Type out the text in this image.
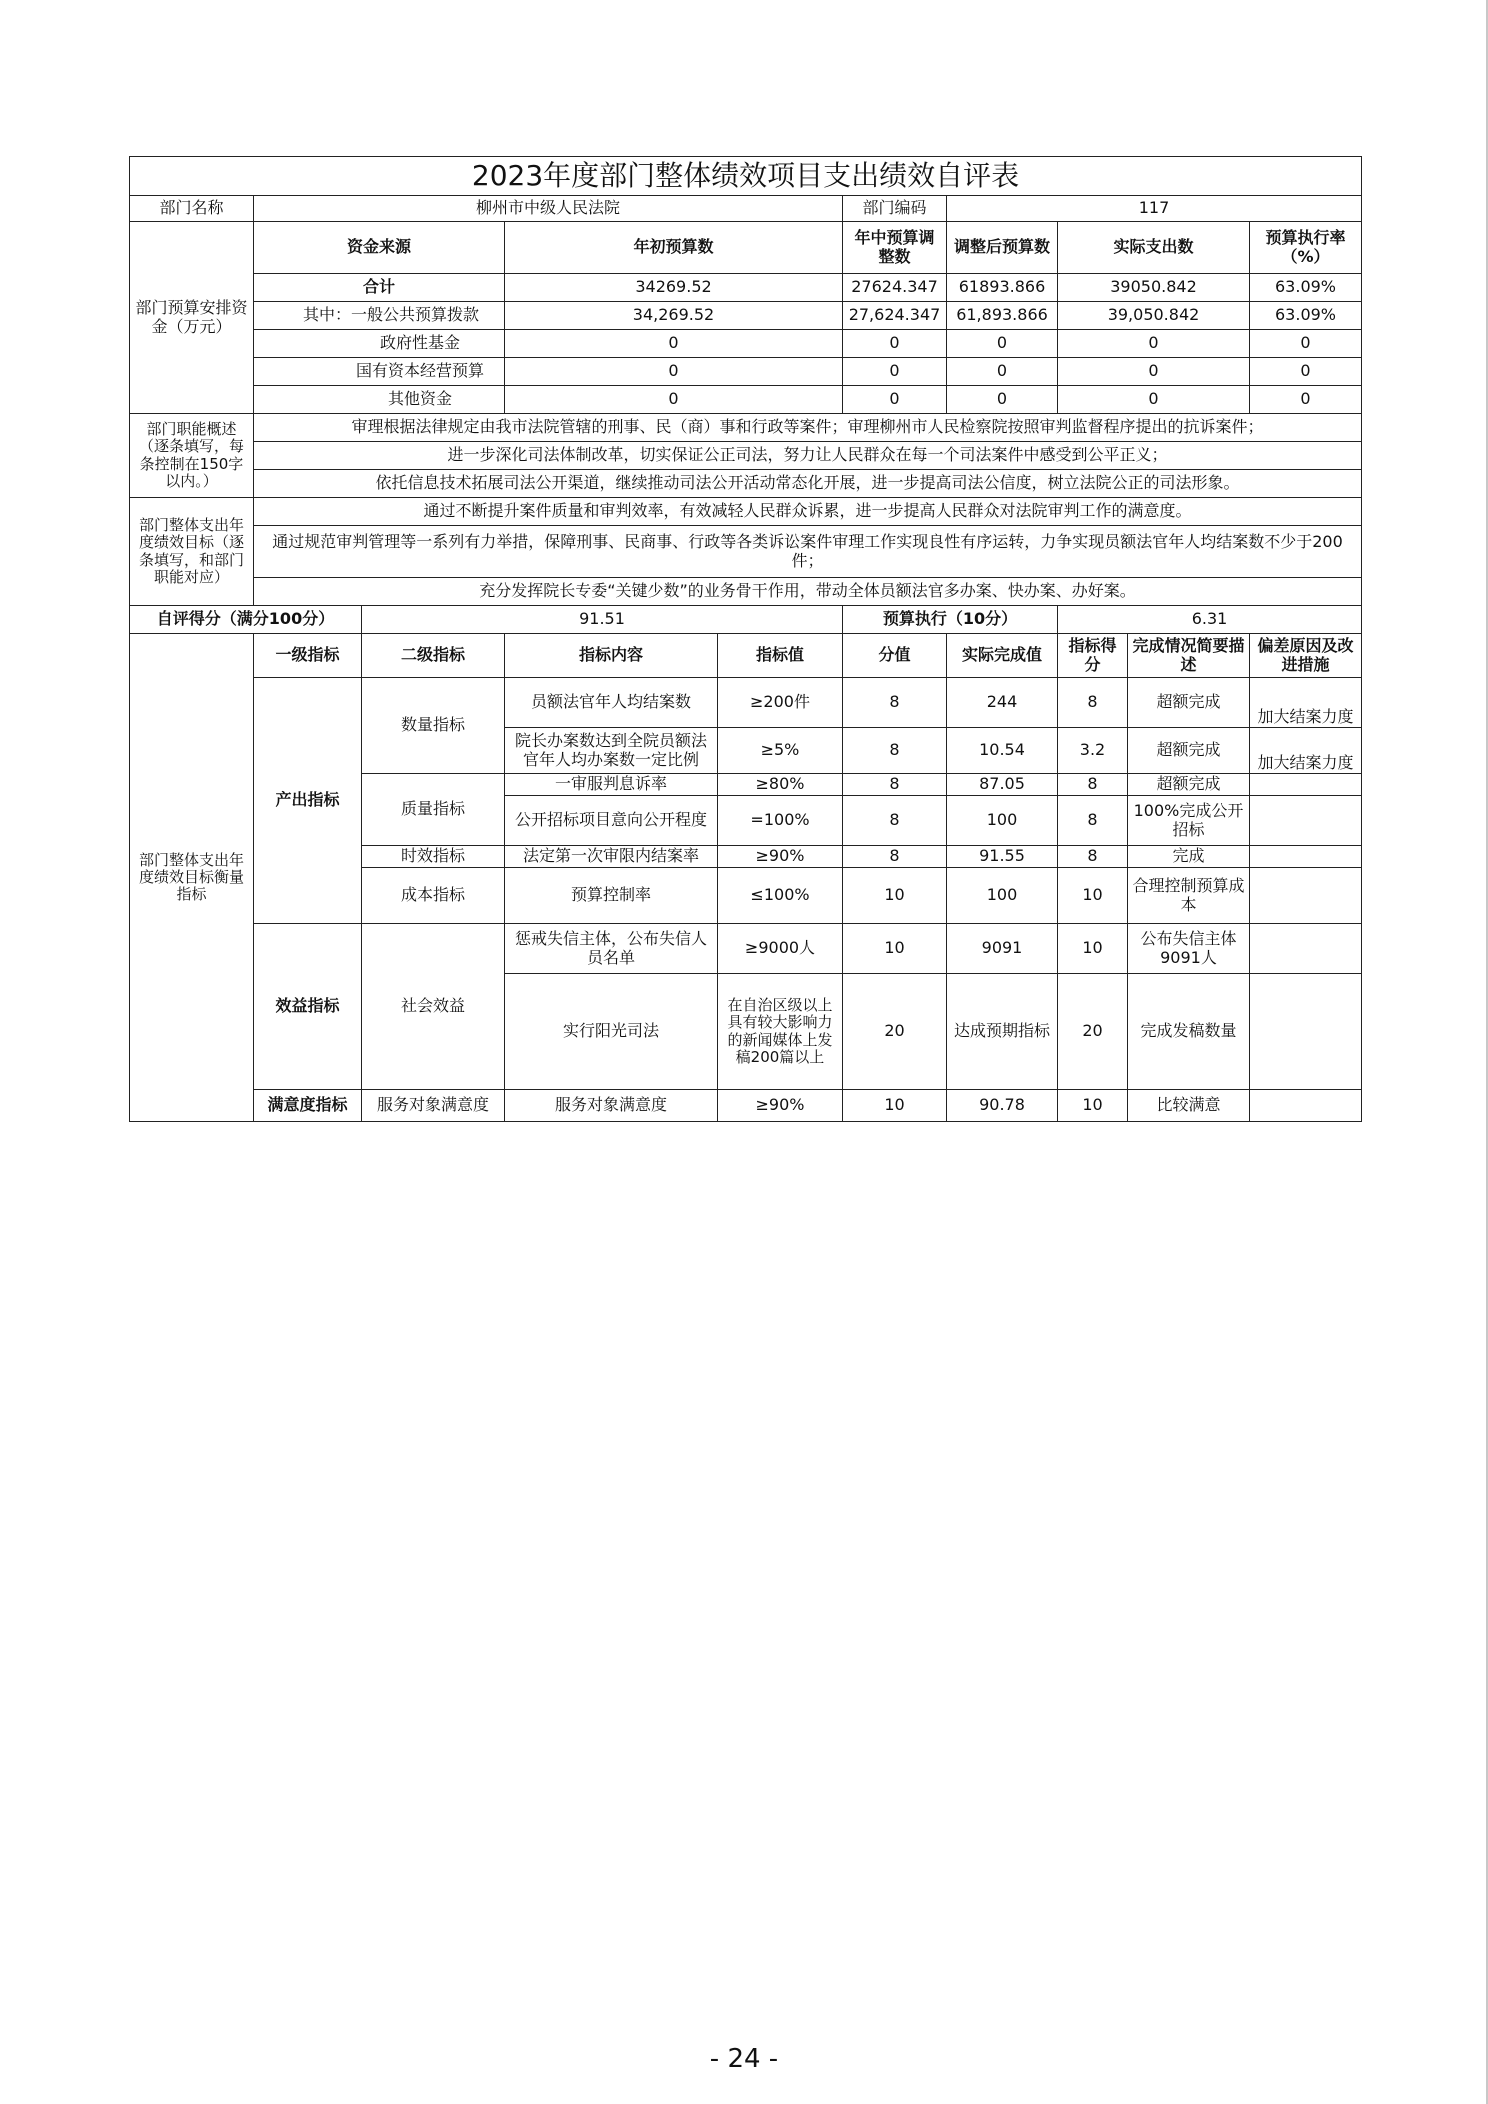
2023年度部门整体绩效项目支出绩效自评表									
部门名称	柳州市中级人民法院				部门编码	117			
部门预算安排资金（万元）	资金来源		年初预算数		年中预算调整数	调整后预算数	实际支出数		预算执行率（%）
	合计		34269.52		27624.347	61893.866	39050.842		63.09%
	其中：一般公共预算拨款		34,269.52		27,624.347	61,893.866	39,050.842		63.09%
	政府性基金		0		0	0	0		0
	国有资本经营预算		0		0	0	0		0
	其他资金		0		0	0	0		0
部门职能概述（逐条填写，每条控制在150字以内。）	审理根据法律规定由我市法院管辖的刑事、民（商）事和行政等案件；审理柳州市人民检察院按照审判监督程序提出的抗诉案件；								
	进一步深化司法体制改革，切实保证公正司法，努力让人民群众在每一个司法案件中感受到公平正义；								
	依托信息技术拓展司法公开渠道，继续推动司法公开活动常态化开展，进一步提高司法公信度，树立法院公正的司法形象。								
部门整体支出年度绩效目标（逐条填写，和部门职能对应）	通过不断提升案件质量和审判效率，有效减轻人民群众诉累，进一步提高人民群众对法院审判工作的满意度。								
	通过规范审判管理等一系列有力举措，保障刑事、民商事、行政等各类诉讼案件审理工作实现良性有序运转，力争实现员额法官年人均结案数不少于200件；								
	充分发挥院长专委“关键少数”的业务骨干作用，带动全体员额法官多办案、快办案、办好案。								
自评得分（满分100分）		91.51			预算执行（10分）		6.31		
部门整体支出年度绩效目标衡量指标	一级指标	二级指标	指标内容	指标值	分值	实际完成值	指标得分	完成情况简要描述	偏差原因及改进措施
	产出指标	数量指标	员额法官年人均结案数	≥200件	8	244	8	超额完成	加大结案力度
			院长办案数达到全院员额法官年人均办案数一定比例	≥5%	8	10.54	3.2	超额完成	加大结案力度
		质量指标	一审服判息诉率	≥80%	8	87.05	8	超额完成	
			公开招标项目意向公开程度	=100%	8	100	8	100%完成公开招标	
		时效指标	法定第一次审限内结案率	≥90%	8	91.55	8	完成	
		成本指标	预算控制率	≤100%	10	100	10	合理控制预算成本	
	效益指标	社会效益	惩戒失信主体，公布失信人员名单	≥9000人	10	9091	10	公布失信主体9091人	
			实行阳光司法	在自治区级以上具有较大影响力的新闻媒体上发稿200篇以上	20	达成预期指标	20	完成发稿数量	
	满意度指标	服务对象满意度	服务对象满意度	≥90%	10	90.78	10	比较满意	
- 24 -
